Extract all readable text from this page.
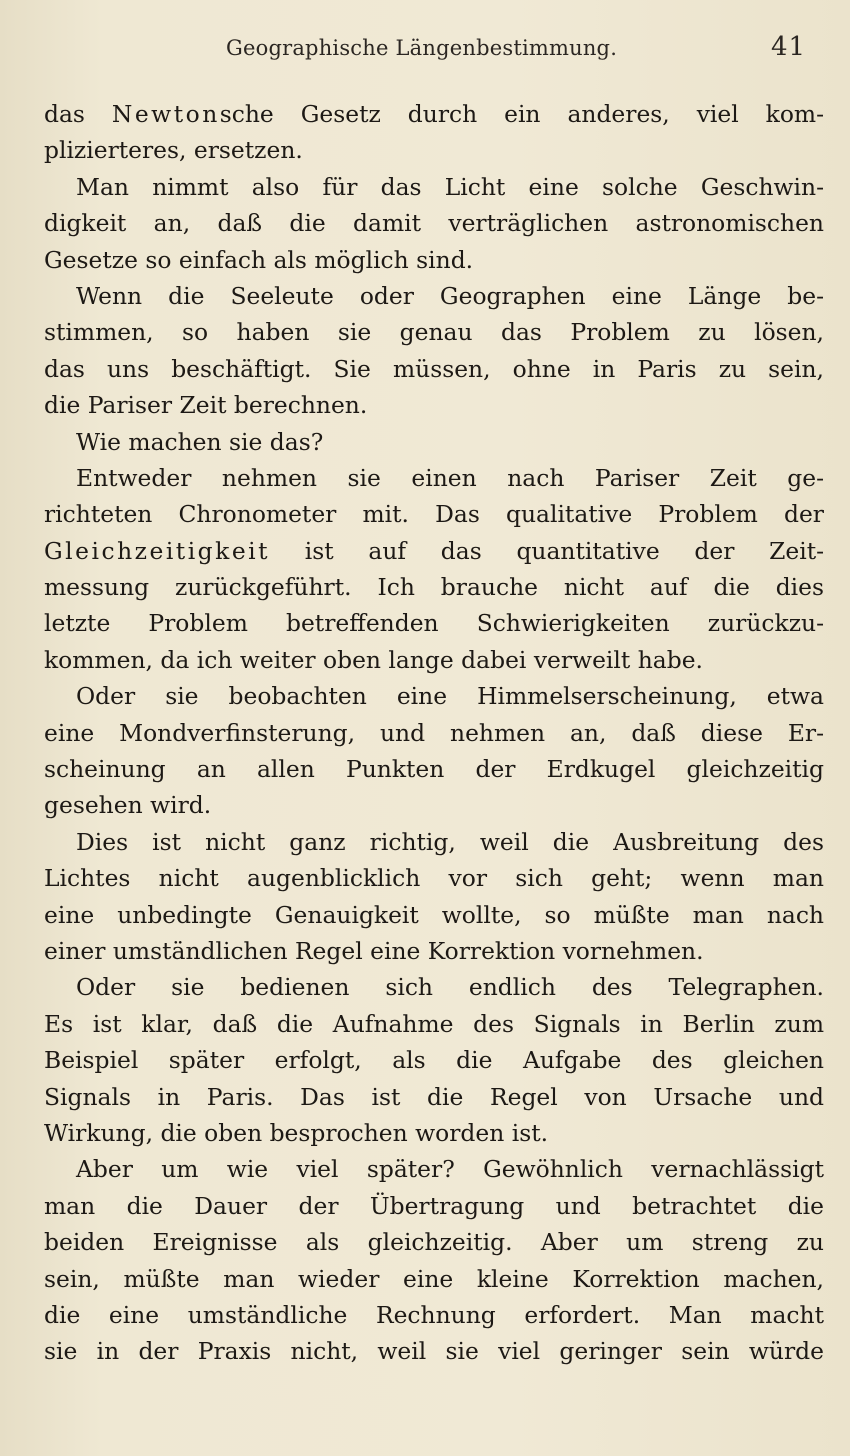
Geographische Längenbestimmung.	41
das Newtonsche Gesetz durch ein anderes, viel kom-
plizierteres, ersetzen.
Man nimmt also für das Licht eine solche Geschwin-
digkeit an, daß die damit verträglichen astronomischen
Gesetze so einfach als möglich sind.
Wenn die Seeleute oder Geographen eine Länge be-
stimmen, so haben sie genau das Problem zu lösen,
das uns beschäftigt. Sie müssen, ohne in Paris zu sein,
die Pariser Zeit berechnen.
Wie machen sie das?
Entweder nehmen sie einen nach Pariser Zeit ge-
richteten Chronometer mit. Das qualitative Problem der
Gleichzeitigkeit ist auf das quantitative der Zeit-
messung zurückgeführt. Ich brauche nicht auf die dies
letzte Problem betreffenden Schwierigkeiten zurückzu-
kommen, da ich weiter oben lange dabei verweilt habe.
Oder sie beobachten eine Himmelserscheinung, etwa
eine Mondverfinsterung, und nehmen an, daß diese Er-
scheinung an allen Punkten der Erdkugel gleichzeitig
gesehen wird.
Dies ist nicht ganz richtig, weil die Ausbreitung des
Lichtes nicht augenblicklich vor sich geht; wenn man
eine unbedingte Genauigkeit wollte, so müßte man nach
einer umständlichen Regel eine Korrektion vornehmen.
Oder sie bedienen sich endlich des Telegraphen.
Es ist klar, daß die Aufnahme des Signals in Berlin zum
Beispiel später erfolgt, als die Aufgabe des gleichen
Signals in Paris. Das ist die Regel von Ursache und
Wirkung, die oben besprochen worden ist.
Aber um wie viel später? Gewöhnlich vernachlässigt
man die Dauer der Übertragung und betrachtet die
beiden Ereignisse als gleichzeitig. Aber um streng zu
sein, müßte man wieder eine kleine Korrektion machen,
die eine umständliche Rechnung erfordert. Man macht
sie in der Praxis nicht, weil sie viel geringer sein würde
